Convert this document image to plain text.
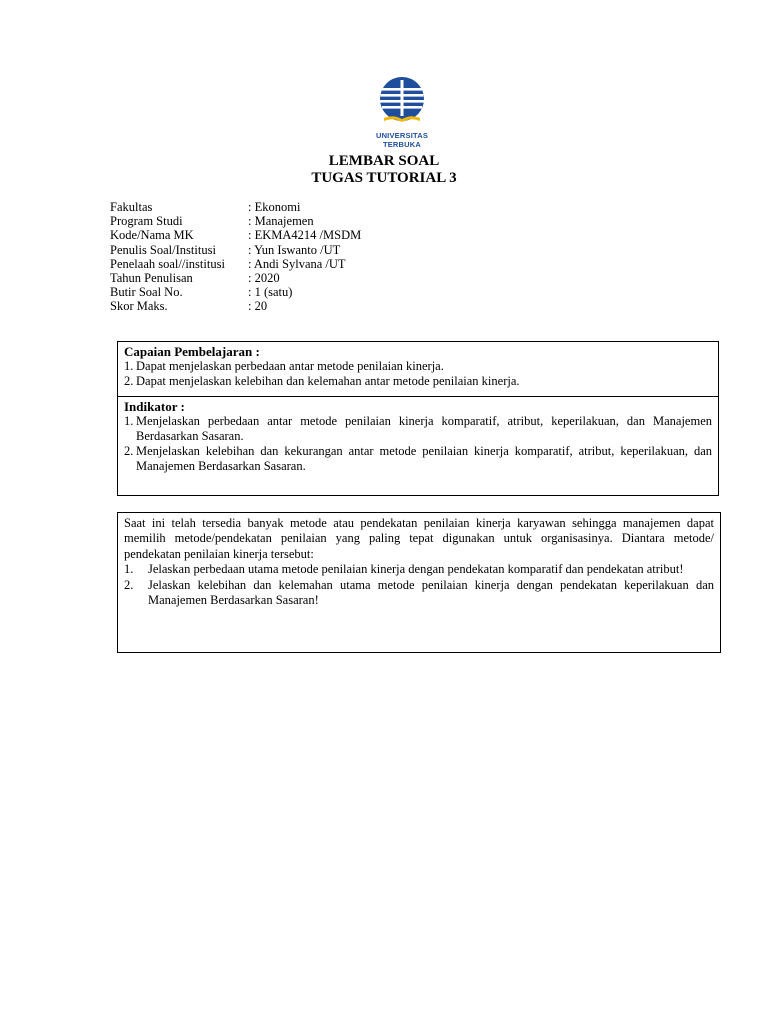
UNIVERSITAS TERBUKA
LEMBAR SOAL
TUGAS TUTORIAL 3
Fakultas	: Ekonomi
Program Studi	: Manajemen
Kode/Nama MK	: EKMA4214 /MSDM
Penulis Soal/Institusi	: Yun Iswanto /UT
Penelaah soal//institusi	: Andi Sylvana /UT
Tahun Penulisan	: 2020
Butir Soal No.	: 1 (satu)
Skor Maks.	: 20
Capaian Pembelajaran :
1. Dapat menjelaskan perbedaan antar metode penilaian kinerja.
2. Dapat menjelaskan kelebihan dan kelemahan antar metode penilaian kinerja.
Indikator :
1. Menjelaskan perbedaan antar metode penilaian kinerja komparatif, atribut, keperilakuan, dan Manajemen Berdasarkan Sasaran.
2. Menjelaskan kelebihan dan kekurangan antar metode penilaian kinerja komparatif, atribut, keperilakuan, dan Manajemen Berdasarkan Sasaran.
Saat ini telah tersedia banyak metode atau pendekatan penilaian kinerja karyawan sehingga manajemen dapat memilih metode/pendekatan penilaian yang paling tepat digunakan untuk organisasinya. Diantara metode/ pendekatan penilaian kinerja tersebut:
1.	Jelaskan perbedaan utama metode penilaian kinerja dengan pendekatan komparatif dan pendekatan atribut!
2.	Jelaskan kelebihan dan kelemahan utama metode penilaian kinerja dengan pendekatan keperilakuan dan Manajemen Berdasarkan Sasaran!
